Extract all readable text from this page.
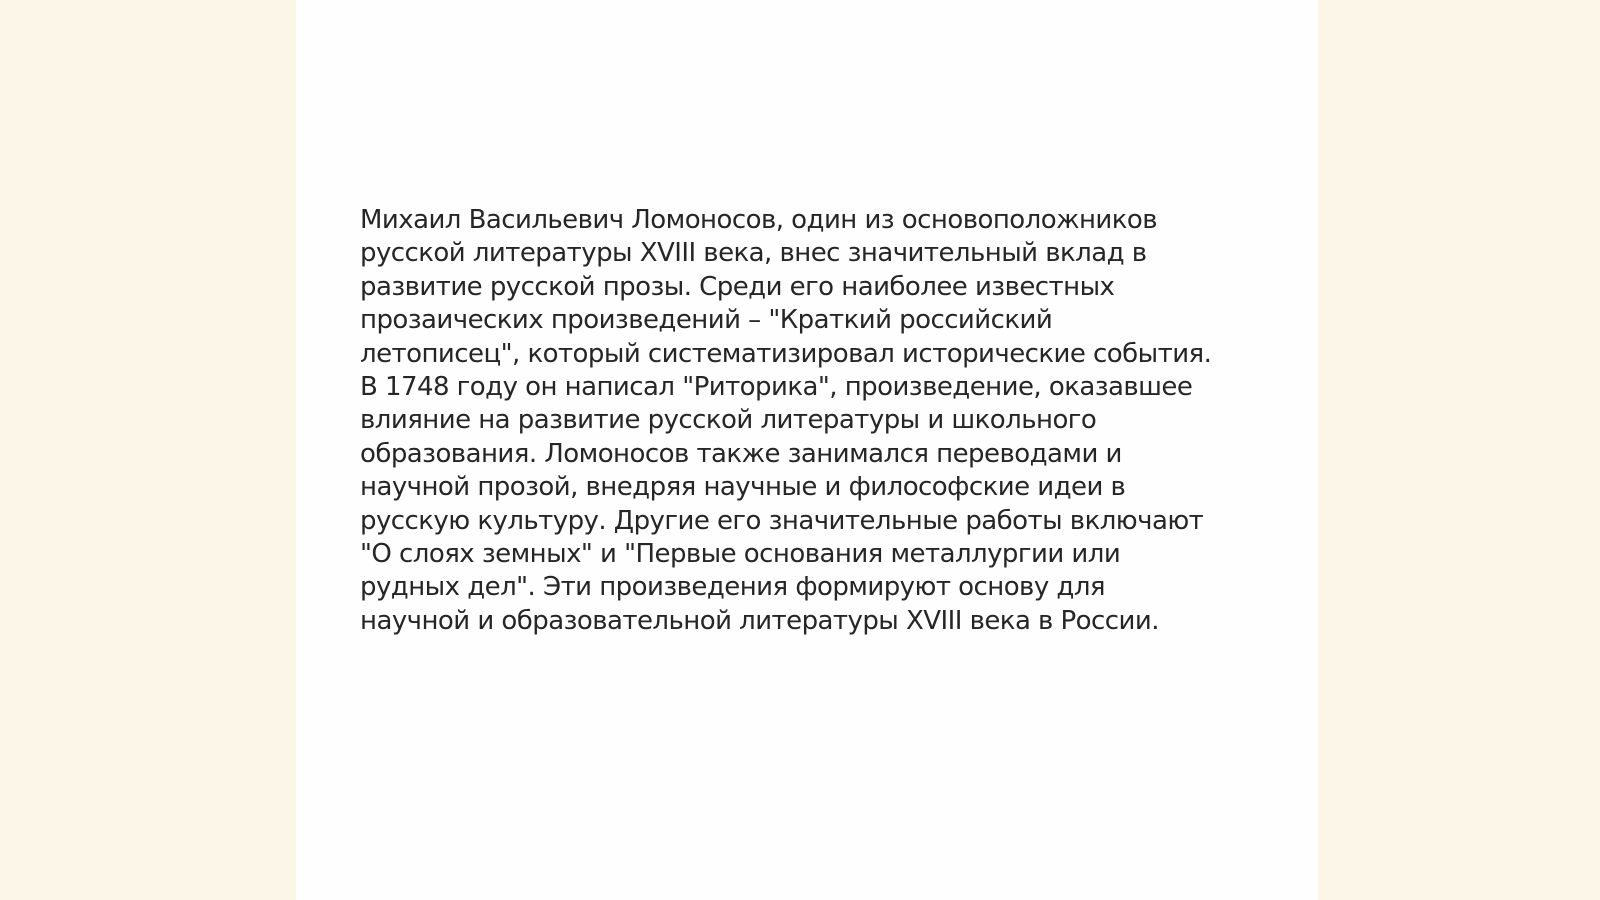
Михаил Васильевич Ломоносов, один из основоположников
русской литературы XVIII века, внес значительный вклад в
развитие русской прозы. Среди его наиболее известных
прозаических произведений – "Краткий российский
летописец", который систематизировал исторические события.
В 1748 году он написал "Риторика", произведение, оказавшее
влияние на развитие русской литературы и школьного
образования. Ломоносов также занимался переводами и
научной прозой, внедряя научные и философские идеи в
русскую культуру. Другие его значительные работы включают
"О слоях земных" и "Первые основания металлургии или
рудных дел". Эти произведения формируют основу для
научной и образовательной литературы XVIII века в России.
